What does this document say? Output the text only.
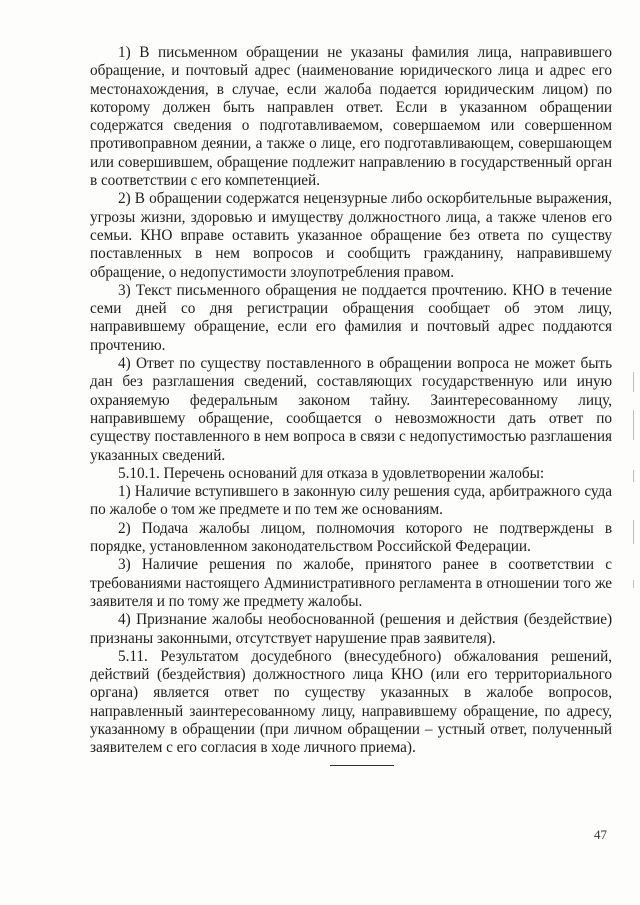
1) В письменном обращении не указаны фамилия лица, направившего обращение, и почтовый адрес (наименование юридического лица и адрес его местонахождения, в случае, если жалоба подается юридическим лицом) по которому должен быть направлен ответ. Если в указанном обращении содержатся сведения о подготавливаемом, совершаемом или совершенном противоправном деянии, а также о лице, его подготавливающем, совершающем или совершившем, обращение подлежит направлению в государственный орган в соответствии с его компетенцией.

2) В обращении содержатся нецензурные либо оскорбительные выражения, угрозы жизни, здоровью и имуществу должностного лица, а также членов его семьи. КНО вправе оставить указанное обращение без ответа по существу поставленных в нем вопросов и сообщить гражданину, направившему обращение, о недопустимости злоупотребления правом.

3) Текст письменного обращения не поддается прочтению. КНО в течение семи дней со дня регистрации обращения сообщает об этом лицу, направившему обращение, если его фамилия и почтовый адрес поддаются прочтению.

4) Ответ по существу поставленного в обращении вопроса не может быть дан без разглашения сведений, составляющих государственную или иную охраняемую федеральным законом тайну. Заинтересованному лицу, направившему обращение, сообщается о невозможности дать ответ по существу поставленного в нем вопроса в связи с недопустимостью разглашения указанных сведений.

5.10.1. Перечень оснований для отказа в удовлетворении жалобы:

1) Наличие вступившего в законную силу решения суда, арбитражного суда по жалобе о том же предмете и по тем же основаниям.

2) Подача жалобы лицом, полномочия которого не подтверждены в порядке, установленном законодательством Российской Федерации.

3) Наличие решения по жалобе, принятого ранее в соответствии с требованиями настоящего Административного регламента в отношении того же заявителя и по тому же предмету жалобы.

4) Признание жалобы необоснованной (решения и действия (бездействие) признаны законными, отсутствует нарушение прав заявителя).

5.11. Результатом досудебного (внесудебного) обжалования решений, действий (бездействия) должностного лица КНО (или его территориального органа) является ответ по существу указанных в жалобе вопросов, направленный заинтересованному лицу, направившему обращение, по адресу, указанному в обращении (при личном обращении – устный ответ, полученный заявителем с его согласия в ходе личного приема).

47
